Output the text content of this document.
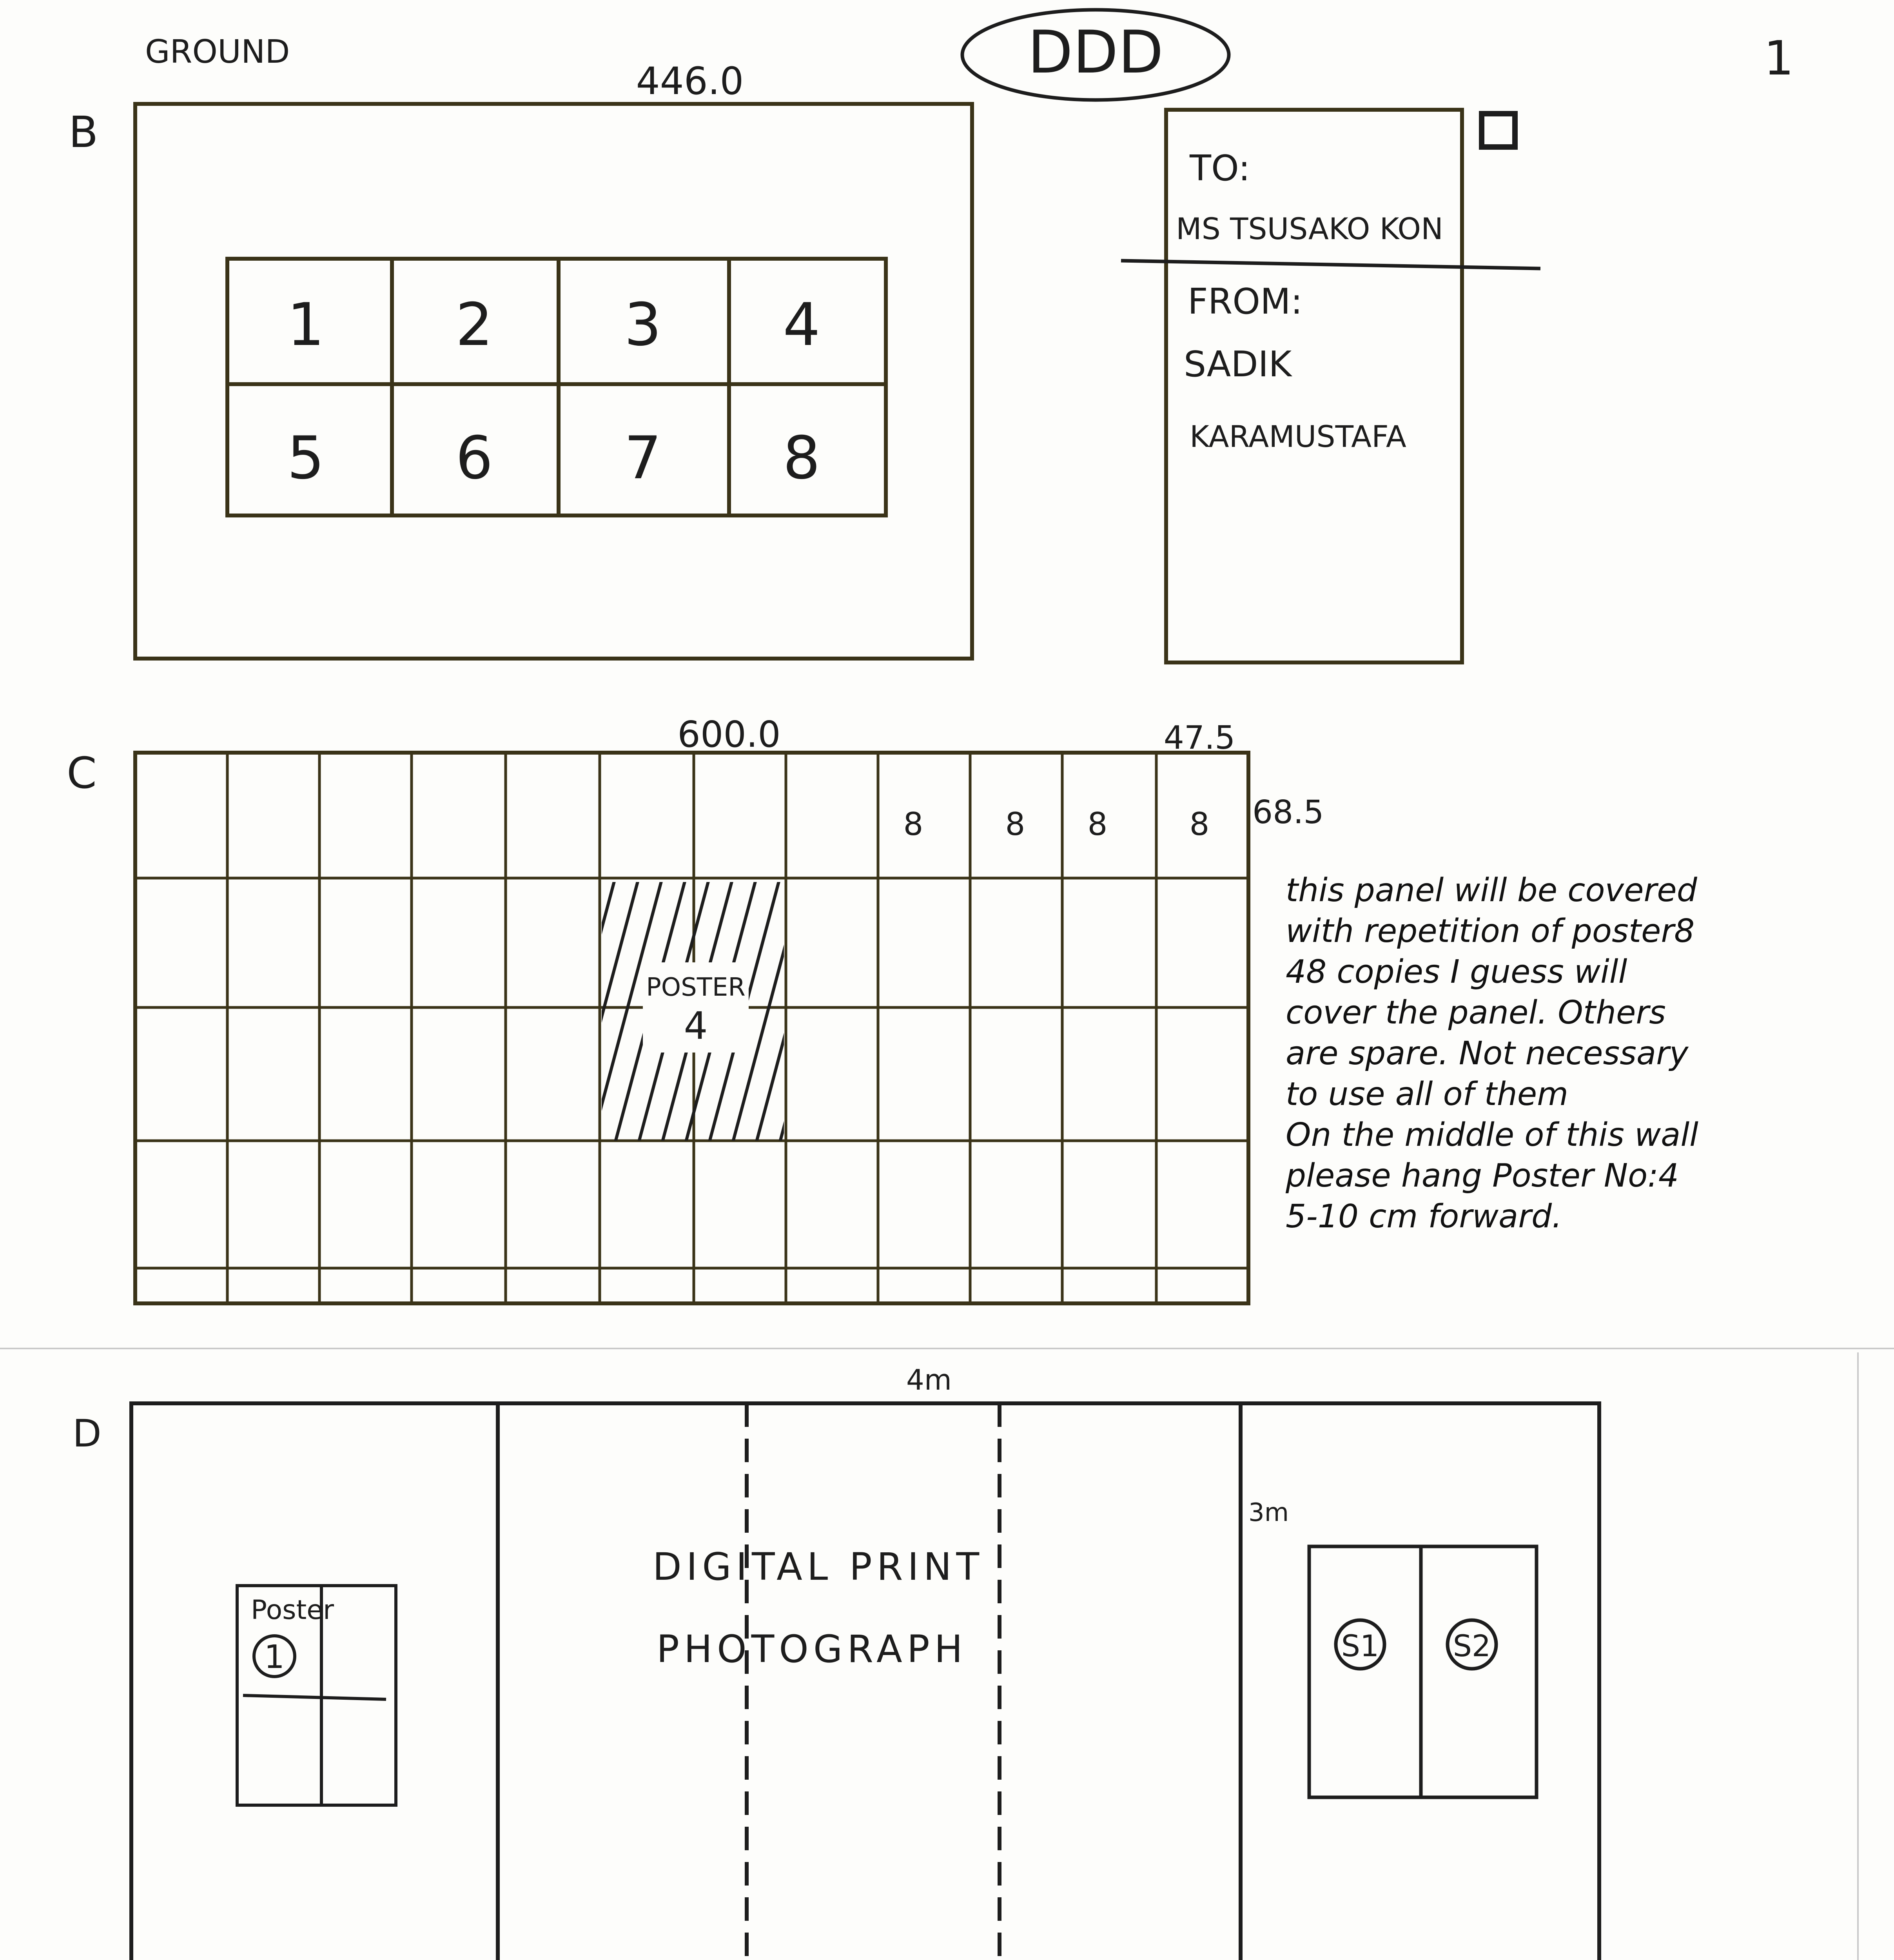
GROUND	DDD	1
B
446.0
1 2 3 4
5 6 7 8
TO:
MS TSUSAKO KON
FROM:
SADIK
KARAMUSTAFA
C
600.0	47.5
68.5
8	8 8	8
POSTER
4
D
4m
Poster
1
DIGITAL PRINT
PHOTOGRAPH
3m
S1 S2
this panel will be covered
with repetition of poster8
48 copies I guess will
cover the panel. Others
are spare. Not necessary
to use all of them
On the middle of this wall
please hang Poster No:4
5-10 cm forward.
